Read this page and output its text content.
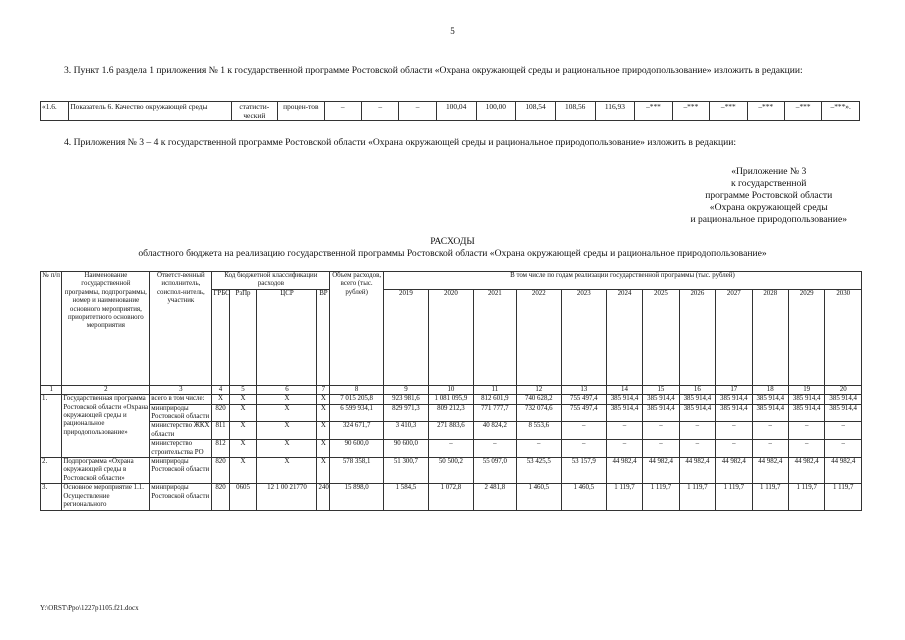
5
3. Пункт 1.6 раздела 1 приложения № 1 к государственной программе Ростовской области «Охрана окружающей среды и рациональное природопользование» изложить в редакции:
«1.6.	Показатель 6. Качество окружающей среды	статисти-ческий	процен-тов	–	–	–	100,04	100,00	108,54	108,56	116,93	–***	–***	–***	–***	–***	–***».
4. Приложения № 3 – 4 к государственной программе Ростовской области «Охрана окружающей среды и рациональное природопользование» изложить в редакции:
«Приложение № 3
к государственной
программе Ростовской области
«Охрана окружающей среды
и рациональное природопользование»
РАСХОДЫ
областного бюджета на реализацию государственной программы Ростовской области «Охрана окружающей среды и рациональное природопользование»
№ п/п	Наименование государственной программы, подпрограммы, номер и наименование основного мероприятия, приоритетного основного мероприятия	Ответст-венный исполнитель, соиспол-нитель, участник	Код бюджетной классификации расходов				Объем расходов, всего (тыс. рублей)	В том числе по годам реализации государственной программы (тыс. рублей)											
			ГРБС	РзПр	ЦСР	ВР		2019	2020	2021	2022	2023	2024	2025	2026	2027	2028	2029	2030
1	2	3	4	5	6	7	8	9	10	11	12	13	14	15	16	17	18	19	20
1.	Государственная программа Ростовской области «Охрана окружающей среды и рациональное природопользование»	всего в том числе:	X	X	X	X	7 015 205,8	923 981,6	1 081 095,9	812 601,9	740 628,2	755 497,4	385 914,4	385 914,4	385 914,4	385 914,4	385 914,4	385 914,4	385 914,4
		минприроды Ростовской области	820	X	X	X	6 599 934,1	829 971,3	809 212,3	771 777,7	732 074,6	755 497,4	385 914,4	385 914,4	385 914,4	385 914,4	385 914,4	385 914,4	385 914,4
		министерство ЖКХ области	811	X	X	X	324 671,7	3 410,3	271 883,6	40 824,2	8 553,6	–	–	–	–	–	–	–	–
		министерство строительства РО	812	X	X	X	90 600,0	90 600,0	–	–	–	–	–	–	–	–	–	–	–
2.	Подпрограмма «Охрана окружающей среды в Ростовской области»	минприроды Ростовской области	820	X	X	X	578 358,1	51 300,7	50 500,2	55 097,0	53 425,5	53 157,9	44 982,4	44 982,4	44 982,4	44 982,4	44 982,4	44 982,4	44 982,4
3.	Основное мероприятие 1.1. Осуществление регионального	минприроды Ростовской области	820	0605	12 1 00 21770	240	15 898,0	1 584,5	1 072,8	2 481,8	1 460,5	1 460,5	1 119,7	1 119,7	1 119,7	1 119,7	1 119,7	1 119,7	1 119,7
Y:\ORST\Ppo\1227p1105.f21.docx
